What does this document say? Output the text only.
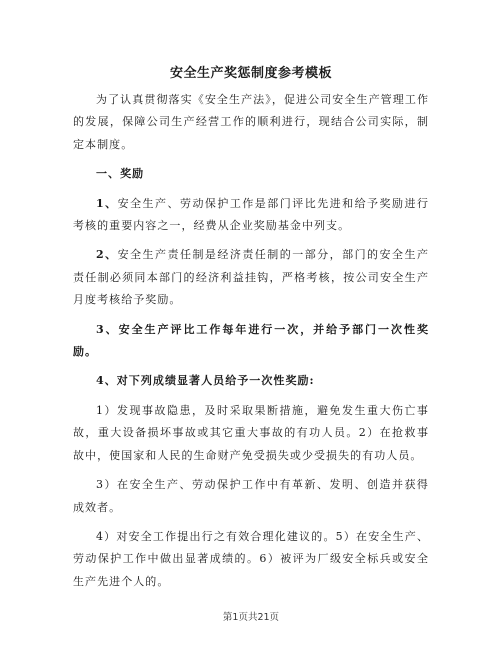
安全生产奖惩制度参考模板

为了认真贯彻落实《安全生产法》，促进公司安全生产管理工作的发展，保障公司生产经营工作的顺利进行，现结合公司实际，制定本制度。

一、奖励

1、安全生产、劳动保护工作是部门评比先进和给予奖励进行考核的重要内容之一，经费从企业奖励基金中列支。

2、安全生产责任制是经济责任制的一部分，部门的安全生产责任制必须同本部门的经济利益挂钩，严格考核，按公司安全生产月度考核给予奖励。

3、安全生产评比工作每年进行一次，并给予部门一次性奖励。

4、对下列成绩显著人员给予一次性奖励:

1）发现事故隐患，及时采取果断措施，避免发生重大伤亡事故，重大设备损坏事故或其它重大事故的有功人员。2）在抢救事故中，使国家和人民的生命财产免受损失或少受损失的有功人员。

3）在安全生产、劳动保护工作中有革新、发明、创造并获得成效者。

4）对安全工作提出行之有效合理化建议的。5）在安全生产、劳动保护工作中做出显著成绩的。6）被评为厂级安全标兵或安全生产先进个人的。

第1页共21页
